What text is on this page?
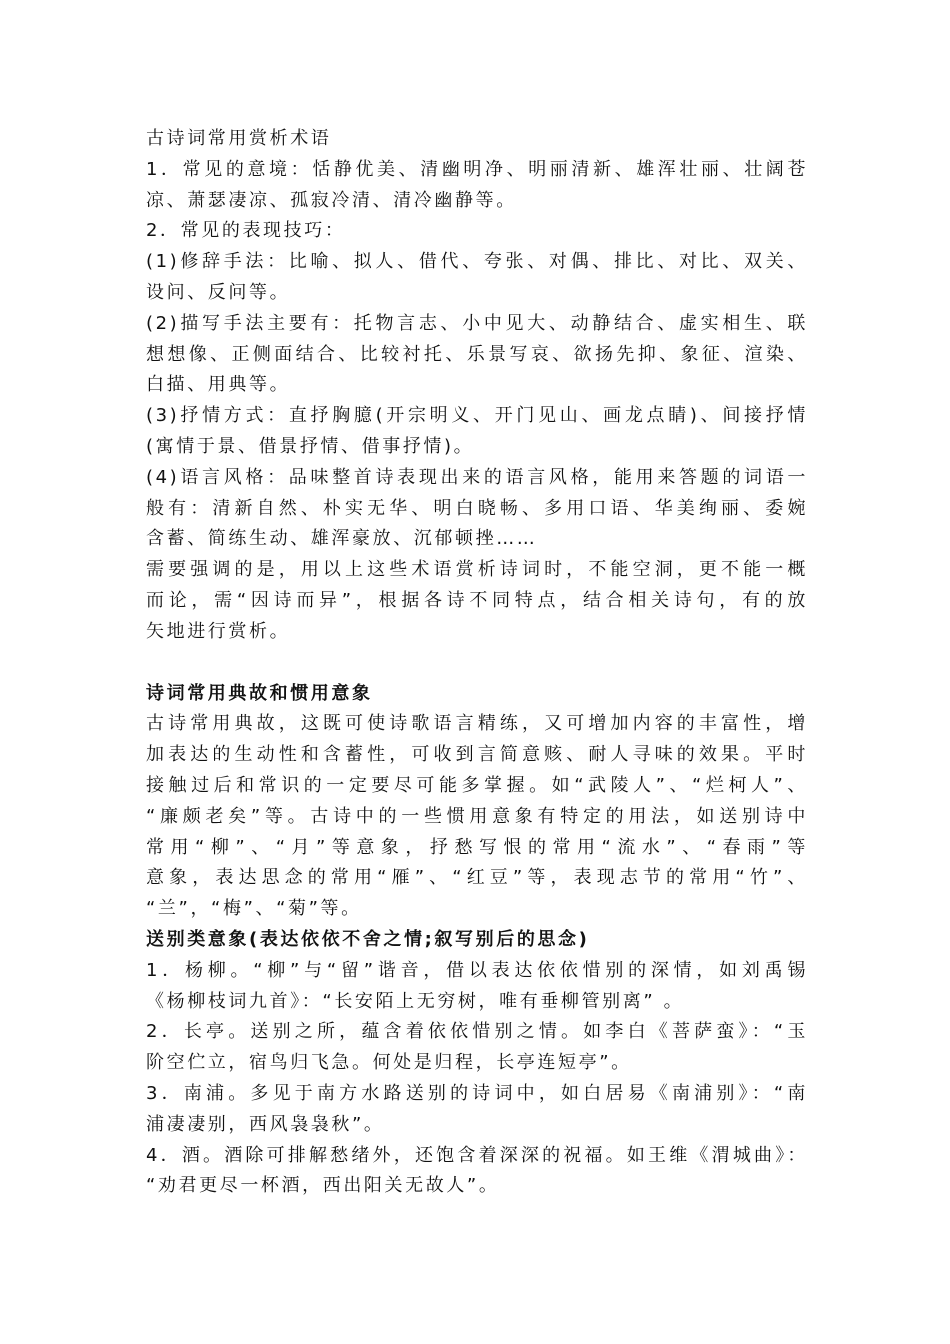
古诗词常用赏析术语
1．常见的意境：恬静优美、清幽明净、明丽清新、雄浑壮丽、壮阔苍
凉、萧瑟凄凉、孤寂冷清、清冷幽静等。
2．常见的表现技巧：
(1)修辞手法：比喻、拟人、借代、夸张、对偶、排比、对比、双关、
设问、反问等。
(2)描写手法主要有：托物言志、小中见大、动静结合、虚实相生、联
想想像、正侧面结合、比较衬托、乐景写哀、欲扬先抑、象征、渲染、
白描、用典等。
(3)抒情方式：直抒胸臆(开宗明义、开门见山、画龙点睛)、间接抒情
(寓情于景、借景抒情、借事抒情)。
(4)语言风格：品味整首诗表现出来的语言风格，能用来答题的词语一
般有：清新自然、朴实无华、明白晓畅、多用口语、华美绚丽、委婉
含蓄、简练生动、雄浑豪放、沉郁顿挫……
需要强调的是，用以上这些术语赏析诗词时，不能空洞，更不能一概
而论，需“因诗而异”，根据各诗不同特点，结合相关诗句，有的放
矢地进行赏析。
诗词常用典故和惯用意象
古诗常用典故，这既可使诗歌语言精练，又可增加内容的丰富性，增
加表达的生动性和含蓄性，可收到言简意赅、耐人寻味的效果。平时
接触过后和常识的一定要尽可能多掌握。如“武陵人”、“烂柯人”、
“廉颇老矣”等。古诗中的一些惯用意象有特定的用法，如送别诗中
常用“柳”、“月”等意象，抒愁写恨的常用“流水”、“春雨”等
意象，表达思念的常用“雁”、“红豆”等，表现志节的常用“竹”、
“兰”，“梅”、“菊”等。
送别类意象(表达依依不舍之情;叙写别后的思念)
1．杨柳。“柳”与“留”谐音，借以表达依依惜别的深情，如刘禹锡
《杨柳枝词九首》：“长安陌上无穷树，唯有垂柳管别离” 。
2．长亭。送别之所，蕴含着依依惜别之情。如李白《菩萨蛮》：“玉
阶空伫立，宿鸟归飞急。何处是归程，长亭连短亭”。
3．南浦。多见于南方水路送别的诗词中，如白居易《南浦别》：“南
浦凄凄别，西风袅袅秋”。
4．酒。酒除可排解愁绪外，还饱含着深深的祝福。如王维《渭城曲》：
“劝君更尽一杯酒，西出阳关无故人”。
